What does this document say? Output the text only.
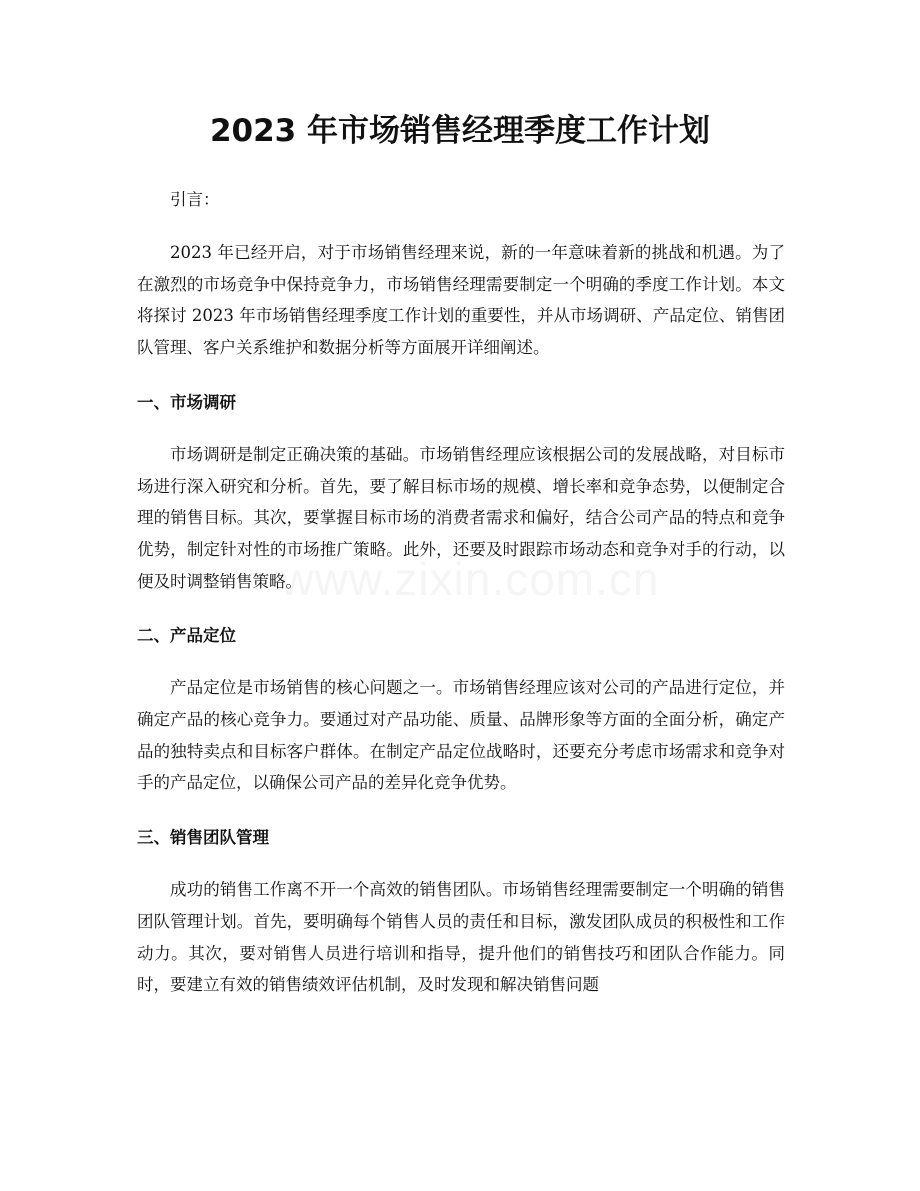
2023 年市场销售经理季度工作计划
www.zixin.com.cn
引言：

2023 年已经开启，对于市场销售经理来说，新的一年意味着新的挑战和机遇。为了在激烈的市场竞争中保持竞争力，市场销售经理需要制定一个明确的季度工作计划。本文将探讨 2023 年市场销售经理季度工作计划的重要性，并从市场调研、产品定位、销售团队管理、客户关系维护和数据分析等方面展开详细阐述。

一、市场调研

市场调研是制定正确决策的基础。市场销售经理应该根据公司的发展战略，对目标市场进行深入研究和分析。首先，要了解目标市场的规模、增长率和竞争态势，以便制定合理的销售目标。其次，要掌握目标市场的消费者需求和偏好，结合公司产品的特点和竞争优势，制定针对性的市场推广策略。此外，还要及时跟踪市场动态和竞争对手的行动，以便及时调整销售策略。

二、产品定位

产品定位是市场销售的核心问题之一。市场销售经理应该对公司的产品进行定位，并确定产品的核心竞争力。要通过对产品功能、质量、品牌形象等方面的全面分析，确定产品的独特卖点和目标客户群体。在制定产品定位战略时，还要充分考虑市场需求和竞争对手的产品定位，以确保公司产品的差异化竞争优势。

三、销售团队管理

成功的销售工作离不开一个高效的销售团队。市场销售经理需要制定一个明确的销售团队管理计划。首先，要明确每个销售人员的责任和目标，激发团队成员的积极性和工作动力。其次，要对销售人员进行培训和指导，提升他们的销售技巧和团队合作能力。同时，要建立有效的销售绩效评估机制，及时发现和解决销售问题
